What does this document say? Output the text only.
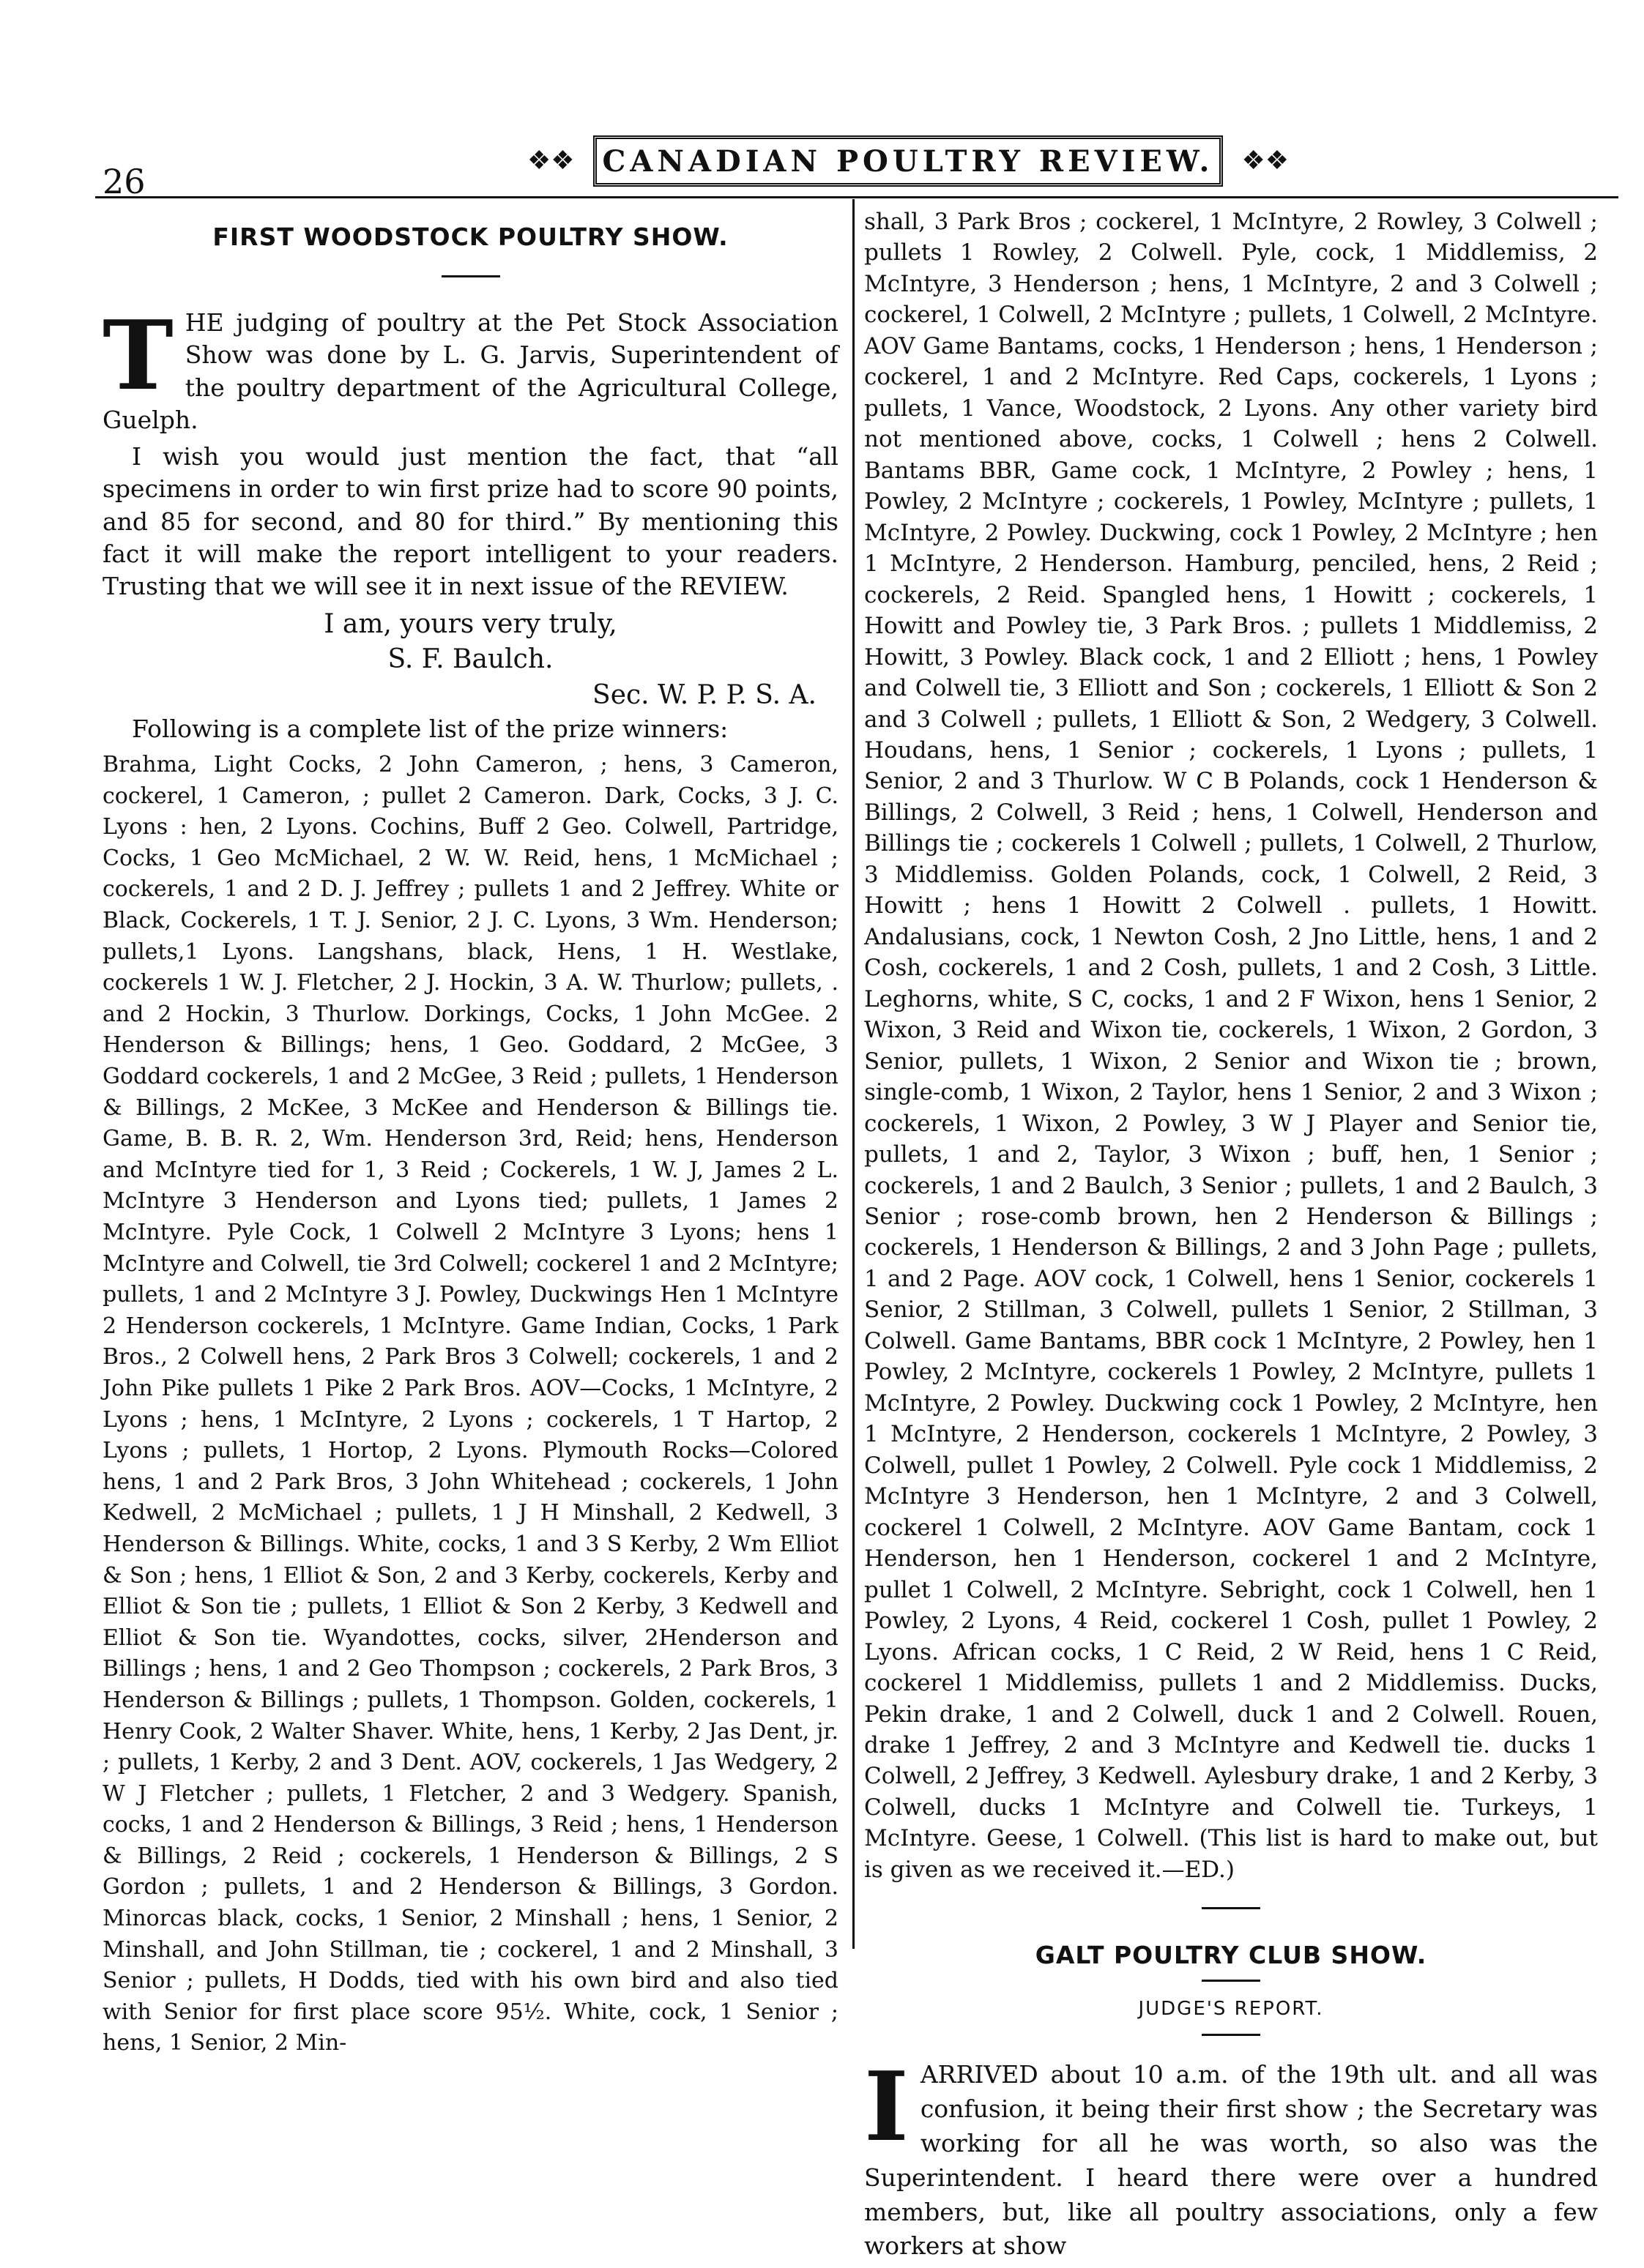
26
❖❖ CANADIAN POULTRY REVIEW.	❖❖
FIRST WOODSTOCK POULTRY SHOW.

T HE judging of poultry at the Pet Stock Association Show was done by L. G. Jarvis, Superintendent of the poultry department of the Agricultural College, Guelph.

I wish you would just mention the fact, that “all specimens in order to win first prize had to score 90 points, and 85 for second, and 80 for third.” By mentioning this fact it will make the report intelligent to your readers. Trusting that we will see it in next issue of the REVIEW.

I am, yours very truly,

S. F. Baulch.

Sec. W. P. P. S. A.

Following is a complete list of the prize winners:

Brahma, Light Cocks, 2 John Cameron, ; hens, 3 Cameron, cockerel, 1 Cameron, ; pullet 2 Cameron. Dark, Cocks, 3 J. C. Lyons : hen, 2 Lyons. Cochins, Buff 2 Geo. Colwell, Partridge, Cocks, 1 Geo McMichael, 2 W. W. Reid, hens, 1 McMichael ; cockerels, 1 and 2 D. J. Jeffrey ; pullets 1 and 2 Jeffrey. White or Black, Cockerels, 1 T. J. Senior, 2 J. C. Lyons, 3 Wm. Henderson; pullets,1 Lyons. Langshans, black, Hens, 1 H. Westlake, cockerels 1 W. J. Fletcher, 2 J. Hockin, 3 A. W. Thurlow; pullets, . and 2 Hockin, 3 Thurlow. Dorkings, Cocks, 1 John McGee. 2 Henderson & Billings; hens, 1 Geo. Goddard, 2 McGee, 3 Goddard cockerels, 1 and 2 McGee, 3 Reid ; pullets, 1 Henderson & Billings, 2 McKee, 3 McKee and Henderson & Billings tie. Game, B. B. R. 2, Wm. Henderson 3rd, Reid; hens, Henderson and McIntyre tied for 1, 3 Reid ; Cockerels, 1 W. J, James 2 L. McIntyre 3 Henderson and Lyons tied; pullets, 1 James 2 McIntyre. Pyle Cock, 1 Colwell 2 McIntyre 3 Lyons; hens 1 McIntyre and Colwell, tie 3rd Colwell; cockerel 1 and 2 McIntyre; pullets, 1 and 2 McIntyre 3 J. Powley, Duckwings Hen 1 McIntyre 2 Henderson cockerels, 1 McIntyre. Game Indian, Cocks, 1 Park Bros., 2 Colwell hens, 2 Park Bros 3 Colwell; cockerels, 1 and 2 John Pike pullets 1 Pike 2 Park Bros. AOV—Cocks, 1 McIntyre, 2 Lyons ; hens, 1 McIntyre, 2 Lyons ; cockerels, 1 T Hartop, 2 Lyons ; pullets, 1 Hortop, 2 Lyons. Plymouth Rocks—Colored hens, 1 and 2 Park Bros, 3 John Whitehead ; cockerels, 1 John Kedwell, 2 McMichael ; pullets, 1 J H Minshall, 2 Kedwell, 3 Henderson & Billings. White, cocks, 1 and 3 S Kerby, 2 Wm Elliot & Son ; hens, 1 Elliot & Son, 2 and 3 Kerby, cockerels, Kerby and Elliot & Son tie ; pullets, 1 Elliot & Son 2 Kerby, 3 Kedwell and Elliot & Son tie. Wyandottes, cocks, silver, 2Henderson and Billings ; hens, 1 and 2 Geo Thompson ; cockerels, 2 Park Bros, 3 Henderson & Billings ; pullets, 1 Thompson. Golden, cockerels, 1 Henry Cook, 2 Walter Shaver. White, hens, 1 Kerby, 2 Jas Dent, jr. ; pullets, 1 Kerby, 2 and 3 Dent. AOV, cockerels, 1 Jas Wedgery, 2 W J Fletcher ; pullets, 1 Fletcher, 2 and 3 Wedgery. Spanish, cocks, 1 and 2 Henderson & Billings, 3 Reid ; hens, 1 Henderson & Billings, 2 Reid ; cockerels, 1 Henderson & Billings, 2 S Gordon ; pullets, 1 and 2 Henderson & Billings, 3 Gordon. Minorcas black, cocks, 1 Senior, 2 Minshall ; hens, 1 Senior, 2 Minshall, and John Stillman, tie ; cockerel, 1 and 2 Minshall, 3 Senior ; pullets, H Dodds, tied with his own bird and also tied with Senior for first place score 95½. White, cock, 1 Senior ; hens, 1 Senior, 2 Min-

shall, 3 Park Bros ; cockerel, 1 McIntyre, 2 Rowley, 3 Colwell ; pullets 1 Rowley, 2 Colwell. Pyle, cock, 1 Middlemiss, 2 McIntyre, 3 Henderson ; hens, 1 McIntyre, 2 and 3 Colwell ; cockerel, 1 Colwell, 2 McIntyre ; pullets, 1 Colwell, 2 McIntyre. AOV Game Bantams, cocks, 1 Henderson ; hens, 1 Henderson ; cockerel, 1 and 2 McIntyre. Red Caps, cockerels, 1 Lyons ; pullets, 1 Vance, Woodstock, 2 Lyons. Any other variety bird not mentioned above, cocks, 1 Colwell ; hens 2 Colwell. Bantams BBR, Game cock, 1 McIntyre, 2 Powley ; hens, 1 Powley, 2 McIntyre ; cockerels, 1 Powley, McIntyre ; pullets, 1 McIntyre, 2 Powley. Duckwing, cock 1 Powley, 2 McIntyre ; hen 1 McIntyre, 2 Henderson. Hamburg, penciled, hens, 2 Reid ; cockerels, 2 Reid. Spangled hens, 1 Howitt ; cockerels, 1 Howitt and Powley tie, 3 Park Bros. ; pullets 1 Middlemiss, 2 Howitt, 3 Powley. Black cock, 1 and 2 Elliott ; hens, 1 Powley and Colwell tie, 3 Elliott and Son ; cockerels, 1 Elliott & Son 2 and 3 Colwell ; pullets, 1 Elliott & Son, 2 Wedgery, 3 Colwell. Houdans, hens, 1 Senior ; cockerels, 1 Lyons ; pullets, 1 Senior, 2 and 3 Thurlow. W C B Polands, cock 1 Henderson & Billings, 2 Colwell, 3 Reid ; hens, 1 Colwell, Henderson and Billings tie ; cockerels 1 Colwell ; pullets, 1 Colwell, 2 Thurlow, 3 Middlemiss. Golden Polands, cock, 1 Colwell, 2 Reid, 3 Howitt ; hens 1 Howitt 2 Colwell . pullets, 1 Howitt. Andalusians, cock, 1 Newton Cosh, 2 Jno Little, hens, 1 and 2 Cosh, cockerels, 1 and 2 Cosh, pullets, 1 and 2 Cosh, 3 Little. Leghorns, white, S C, cocks, 1 and 2 F Wixon, hens 1 Senior, 2 Wixon, 3 Reid and Wixon tie, cockerels, 1 Wixon, 2 Gordon, 3 Senior, pullets, 1 Wixon, 2 Senior and Wixon tie ; brown, single-comb, 1 Wixon, 2 Taylor, hens 1 Senior, 2 and 3 Wixon ; cockerels, 1 Wixon, 2 Powley, 3 W J Player and Senior tie, pullets, 1 and 2, Taylor, 3 Wixon ; buff, hen, 1 Senior ; cockerels, 1 and 2 Baulch, 3 Senior ; pullets, 1 and 2 Baulch, 3 Senior ; rose-comb brown, hen 2 Henderson & Billings ; cockerels, 1 Henderson & Billings, 2 and 3 John Page ; pullets, 1 and 2 Page. AOV cock, 1 Colwell, hens 1 Senior, cockerels 1 Senior, 2 Stillman, 3 Colwell, pullets 1 Senior, 2 Stillman, 3 Colwell. Game Bantams, BBR cock 1 McIntyre, 2 Powley, hen 1 Powley, 2 McIntyre, cockerels 1 Powley, 2 McIntyre, pullets 1 McIntyre, 2 Powley. Duckwing cock 1 Powley, 2 McIntyre, hen 1 McIntyre, 2 Henderson, cockerels 1 McIntyre, 2 Powley, 3 Colwell, pullet 1 Powley, 2 Colwell. Pyle cock 1 Middlemiss, 2 McIntyre 3 Henderson, hen 1 McIntyre, 2 and 3 Colwell, cockerel 1 Colwell, 2 McIntyre. AOV Game Bantam, cock 1 Henderson, hen 1 Henderson, cockerel 1 and 2 McIntyre, pullet 1 Colwell, 2 McIntyre. Sebright, cock 1 Colwell, hen 1 Powley, 2 Lyons, 4 Reid, cockerel 1 Cosh, pullet 1 Powley, 2 Lyons. African cocks, 1 C Reid, 2 W Reid, hens 1 C Reid, cockerel 1 Middlemiss, pullets 1 and 2 Middlemiss. Ducks, Pekin drake, 1 and 2 Colwell, duck 1 and 2 Colwell. Rouen, drake 1 Jeffrey, 2 and 3 McIntyre and Kedwell tie. ducks 1 Colwell, 2 Jeffrey, 3 Kedwell. Aylesbury drake, 1 and 2 Kerby, 3 Colwell, ducks 1 McIntyre and Colwell tie. Turkeys, 1 McIntyre. Geese, 1 Colwell. (This list is hard to make out, but is given as we received it.—ED.)

GALT POULTRY CLUB SHOW.
JUDGE'S REPORT.

I ARRIVED about 10 a.m. of the 19th ult. and all was confusion, it being their first show ; the Secretary was working for all he was worth, so also was the Superintendent. I heard there were over a hundred members, but, like all poultry associations, only a few workers at show
